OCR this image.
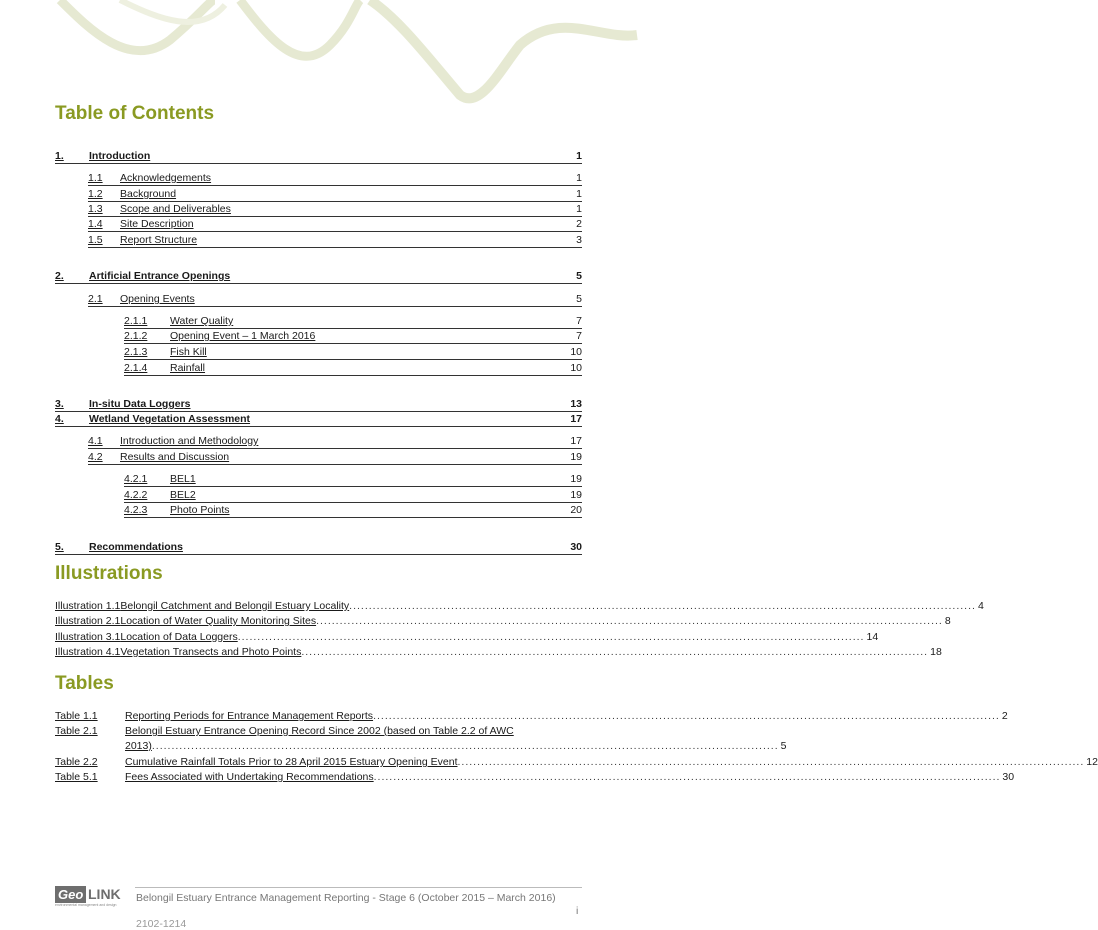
Table of Contents
1.	Introduction	1
1.1	Acknowledgements	1
1.2	Background	1
1.3	Scope and Deliverables	1
1.4	Site Description	2
1.5	Report Structure	3
2.	Artificial Entrance Openings	5
2.1	Opening Events	5
2.1.1	Water Quality	7
2.1.2	Opening Event – 1 March 2016	7
2.1.3	Fish Kill	10
2.1.4	Rainfall	10
3.	In-situ Data Loggers	13
4.	Wetland Vegetation Assessment	17
4.1	Introduction and Methodology	17
4.2	Results and Discussion	19
4.2.1	BEL1	19
4.2.2	BEL2	19
4.2.3	Photo Points	20
5.	Recommendations	30
Illustrations
Illustration 1.1 Belongil Catchment and Belongil Estuary Locality ................................................................................................................................................................ 4
Illustration 2.1 Location of Water Quality Monitoring Sites ................................................................................................................................................................ 8
Illustration 3.1 Location of Data Loggers ................................................................................................................................................................ 14
Illustration 4.1 Vegetation Transects and Photo Points ................................................................................................................................................................ 18
Tables
Table 1.1	Reporting Periods for Entrance Management Reports ................................................................................................................................................................ 2
Table 2.1	Belongil Estuary Entrance Opening Record Since 2002 (based on Table 2.2 of AWC
2013) ................................................................................................................................................................ 5
Table 2.2	Cumulative Rainfall Totals Prior to 28 April 2015 Estuary Opening Event ................................................................................................................................................................ 12
Table 5.1	Fees Associated with Undertaking Recommendations ................................................................................................................................................................ 30
Geo LINK
environmental management and design
Belongil Estuary Entrance Management Reporting - Stage 6 (October 2015 – March 2016)
2102-1214
i
